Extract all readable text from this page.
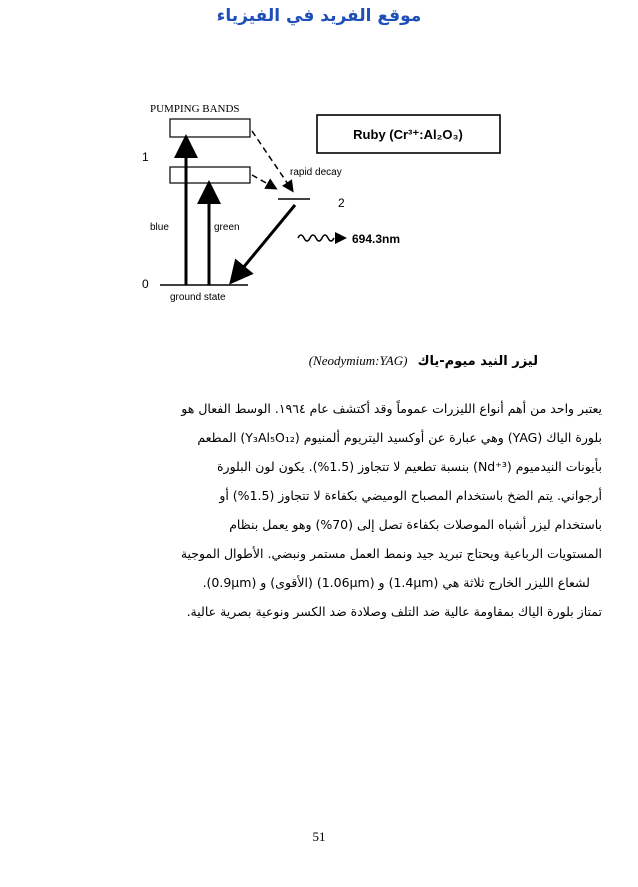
موقع الفريد في الفيزياء
PUMPING BANDS
Ruby (Cr³⁺:Al₂O₃)
rapid decay
2
1
0
blue	green
694.3nm
ground state
ليزر النيد ميوم-ياك (Neodymium:YAG)
يعتبر واحد من أهم أنواع الليزرات عموماً وقد أكتشف عام ١٩٦٤. الوسط الفعال هو
بلورة الياك (YAG) وهي عبارة عن أوكسيد اليتريوم ألمنيوم (Y₃Al₅O₁₂) المطعم
بأيونات النيدميوم (Nd⁺³) بنسبة تطعيم لا تتجاوز (1.5%). يكون لون البلورة
أرجواني. يتم الضخ باستخدام المصباح الوميضي بكفاءة لا تتجاوز (1.5%) أو
باستخدام ليزر أشباه الموصلات بكفاءة تصل إلى (70%) وهو يعمل بنظام
المستويات الرباعية ويحتاج تبريد جيد ونمط العمل مستمر ونبضي. الأطوال الموجية
لشعاع الليزر الخارج ثلاثة هي (1.4μm) و (1.06μm) (الأقوى) و (0.9μm).
تمتاز بلورة الياك بمقاومة عالية ضد التلف وصلادة ضد الكسر ونوعية بصرية عالية.
51
